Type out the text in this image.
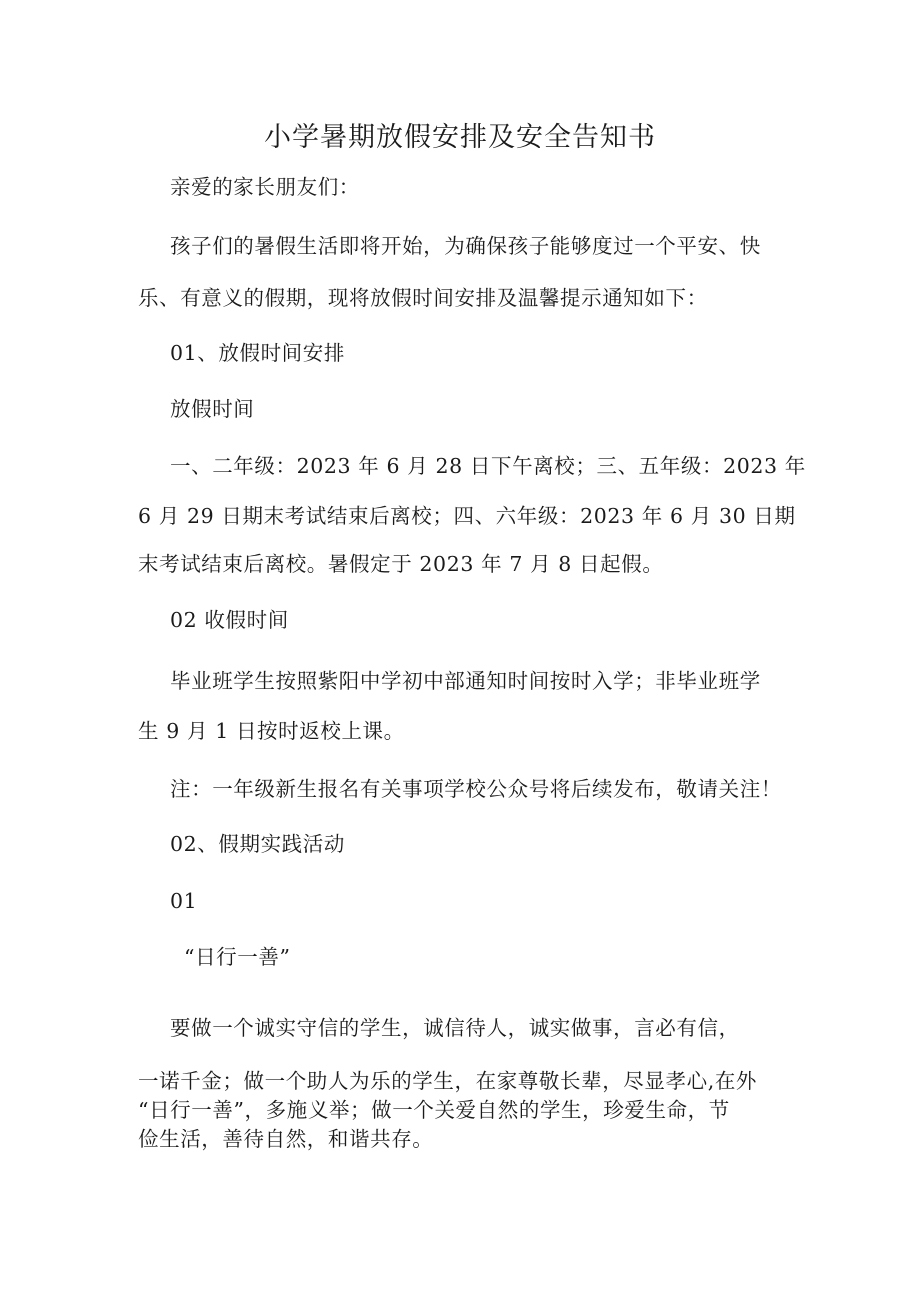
小学暑期放假安排及安全告知书
亲爱的家长朋友们：
孩子们的暑假生活即将开始，为确保孩子能够度过一个平安、快
乐、有意义的假期，现将放假时间安排及温馨提示通知如下：
01、放假时间安排
放假时间
一、二年级：2023 年 6 月 28 日下午离校；三、五年级：2023 年
6 月 29 日期末考试结束后离校；四、六年级：2023 年 6 月 30 日期
末考试结束后离校。暑假定于 2023 年 7 月 8 日起假。
02 收假时间
毕业班学生按照紫阳中学初中部通知时间按时入学；非毕业班学
生 9 月 1 日按时返校上课。
注：一年级新生报名有关事项学校公众号将后续发布，敬请关注！
02、假期实践活动
01
“日行一善”
要做一个诚实守信的学生，诚信待人，诚实做事，言必有信，
一诺千金；做一个助人为乐的学生，在家尊敬长辈，尽显孝心,在外
“日行一善”，多施义举；做一个关爱自然的学生，珍爱生命，节
俭生活，善待自然，和谐共存。
